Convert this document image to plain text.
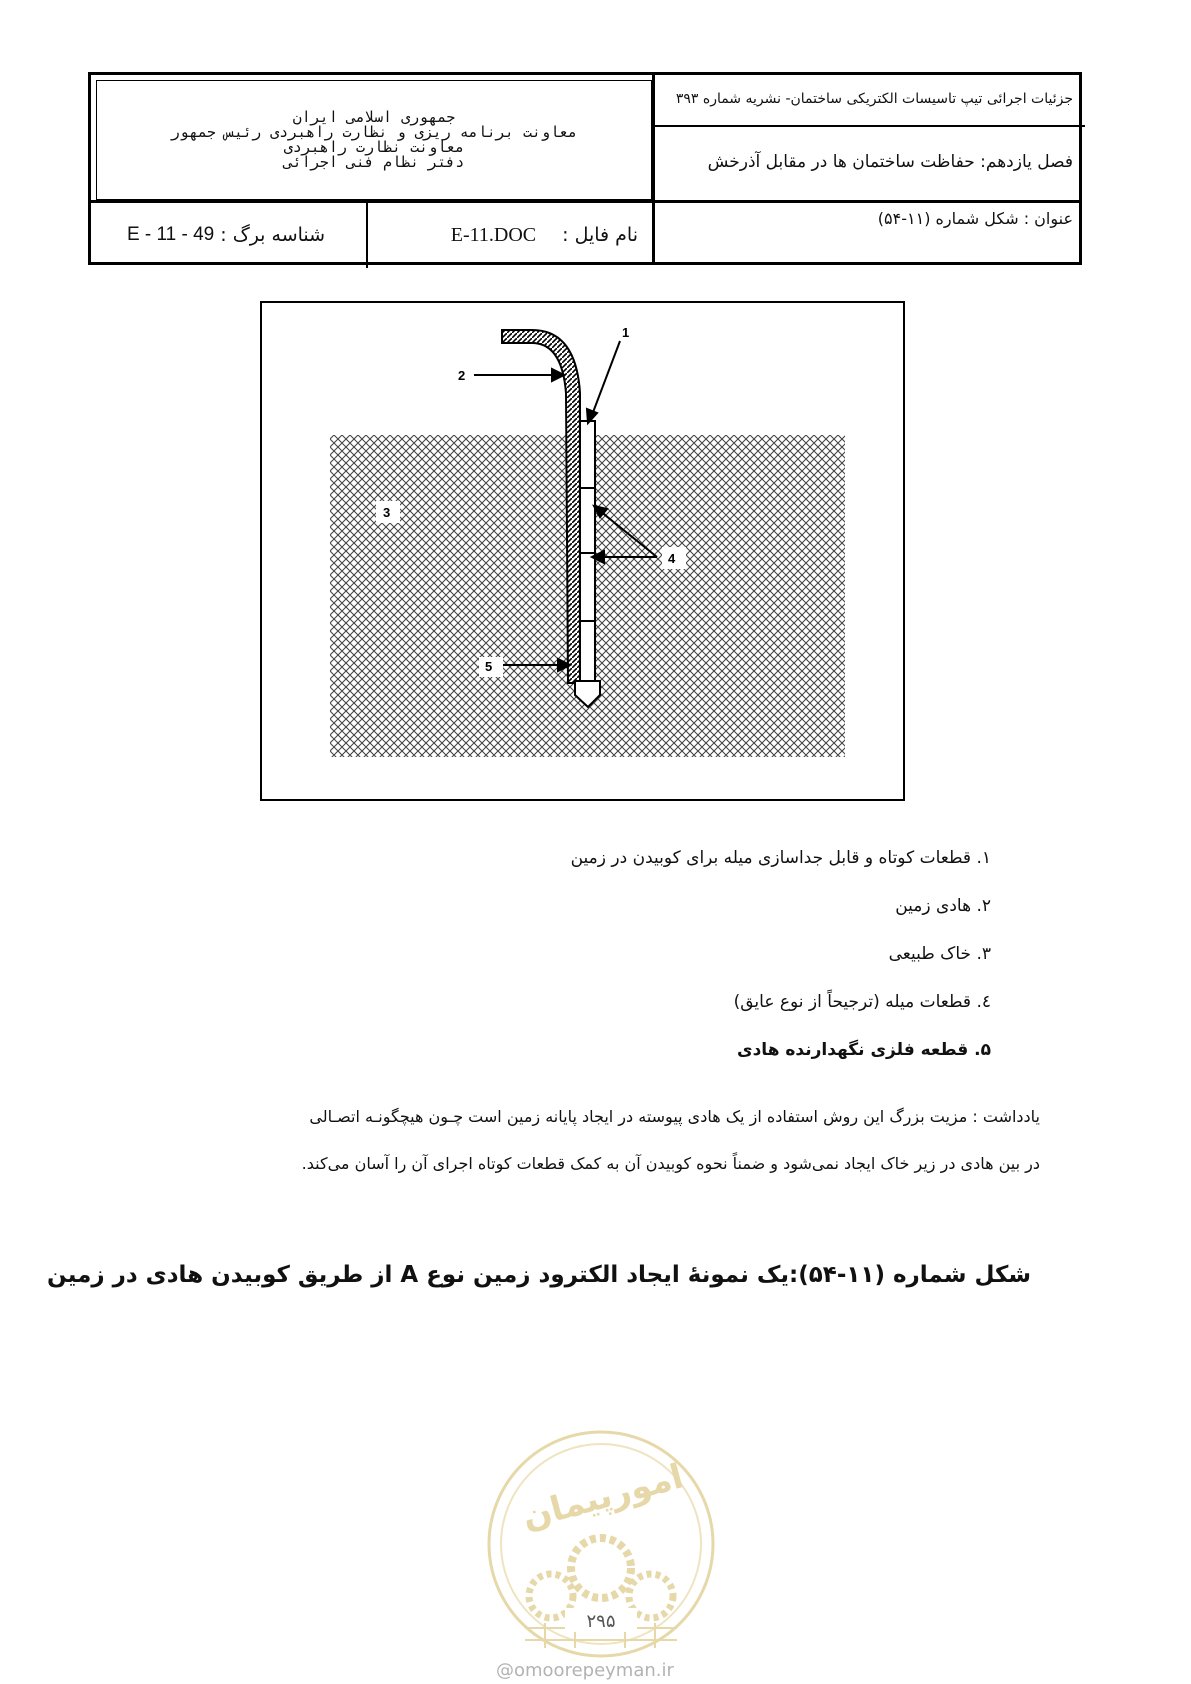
جمهوری اسلامی ایران
معاونت برنامه ریزی و نظارت راهبردی رئیس جمهور
معاونت نظارت راهبردی
دفتر نظام فنی اجرائی
جزئیات اجرائی تیپ تاسیسات الکتریکی ساختمان- نشریه شماره ۳۹۳
فصل یازدهم: حفاظت ساختمان ها در مقابل آذرخش
عنوان : شکل شماره (۱۱-۵۴)
نام فایل :
E-11.DOC
شناسه برگ :
E - 11 - 49
1
2
3
4
5
۱. قطعات کوتاه و قابل جداسازی میله برای کوبیدن در زمین
۲. هادی زمین
۳. خاک طبیعی
٤. قطعات میله (ترجیحاً از نوع عایق)
۵. قطعه فلزی نگهدارنده هادی
یادداشت : مزیت بزرگ این روش استفاده از یک هادی پیوسته در ایجاد پایانه زمین است چـون هیچگونـه اتصـالی
در بین هادی در زیر خاک ایجاد نمی‌شود و ضمناً نحوه کوبیدن آن به کمک قطعات کوتاه اجرای آن را آسان می‌کند.
شکل شماره (۱۱-۵۴):یک نمونۀ ایجاد الکترود زمین نوع A از طریق کوبیدن هادی در زمین
۲۹۵
امورپیمان
@omoorepeyman.ir
